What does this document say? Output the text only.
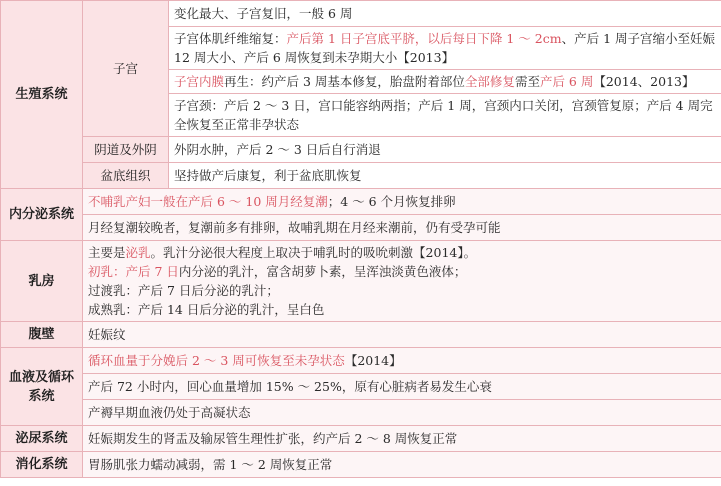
生殖系统	子宫	变化最大、子宫复旧，一般 6 周
		子宫体肌纤维缩复：产后第 1 日子宫底平脐，以后每日下降 1 ～ 2cm、产后 1 周子宫缩小至妊娠 12 周大小、产后 6 周恢复到未孕期大小【2013】
		子宫内膜再生：约产后 3 周基本修复，胎盘附着部位全部修复需至产后 6 周【2014、2013】
		子宫颈：产后 2 ～ 3 日，宫口能容纳两指；产后 1 周，宫颈内口关闭，宫颈管复原；产后 4 周完全恢复至正常非孕状态
	阴道及外阴	外阴水肿，产后 2 ～ 3 日后自行消退
	盆底组织	坚持做产后康复，利于盆底肌恢复
内分泌系统	不哺乳产妇一般在产后 6 ～ 10 周月经复潮；4 ～ 6 个月恢复排卵	
	月经复潮较晚者，复潮前多有排卵，故哺乳期在月经来潮前，仍有受孕可能	
乳房	主要是泌乳。乳汁分泌很大程度上取决于哺乳时的吸吮刺激【2014】。
初乳：产后 7 日内分泌的乳汁，富含胡萝卜素，呈浑浊淡黄色液体；
过渡乳：产后 7 日后分泌的乳汁；
成熟乳：产后 14 日后分泌的乳汁，呈白色	

腹壁	妊娠纹	
血液及循环系统	循环血量于分娩后 2 ～ 3 周可恢复至未孕状态【2014】	
	产后 72 小时内，回心血量增加 15% ～ 25%，原有心脏病者易发生心衰	
	产褥早期血液仍处于高凝状态	
泌尿系统	妊娠期发生的肾盂及输尿管生理性扩张，约产后 2 ～ 8 周恢复正常	
消化系统	胃肠肌张力蠕动减弱，需 1 ～ 2 周恢复正常	
